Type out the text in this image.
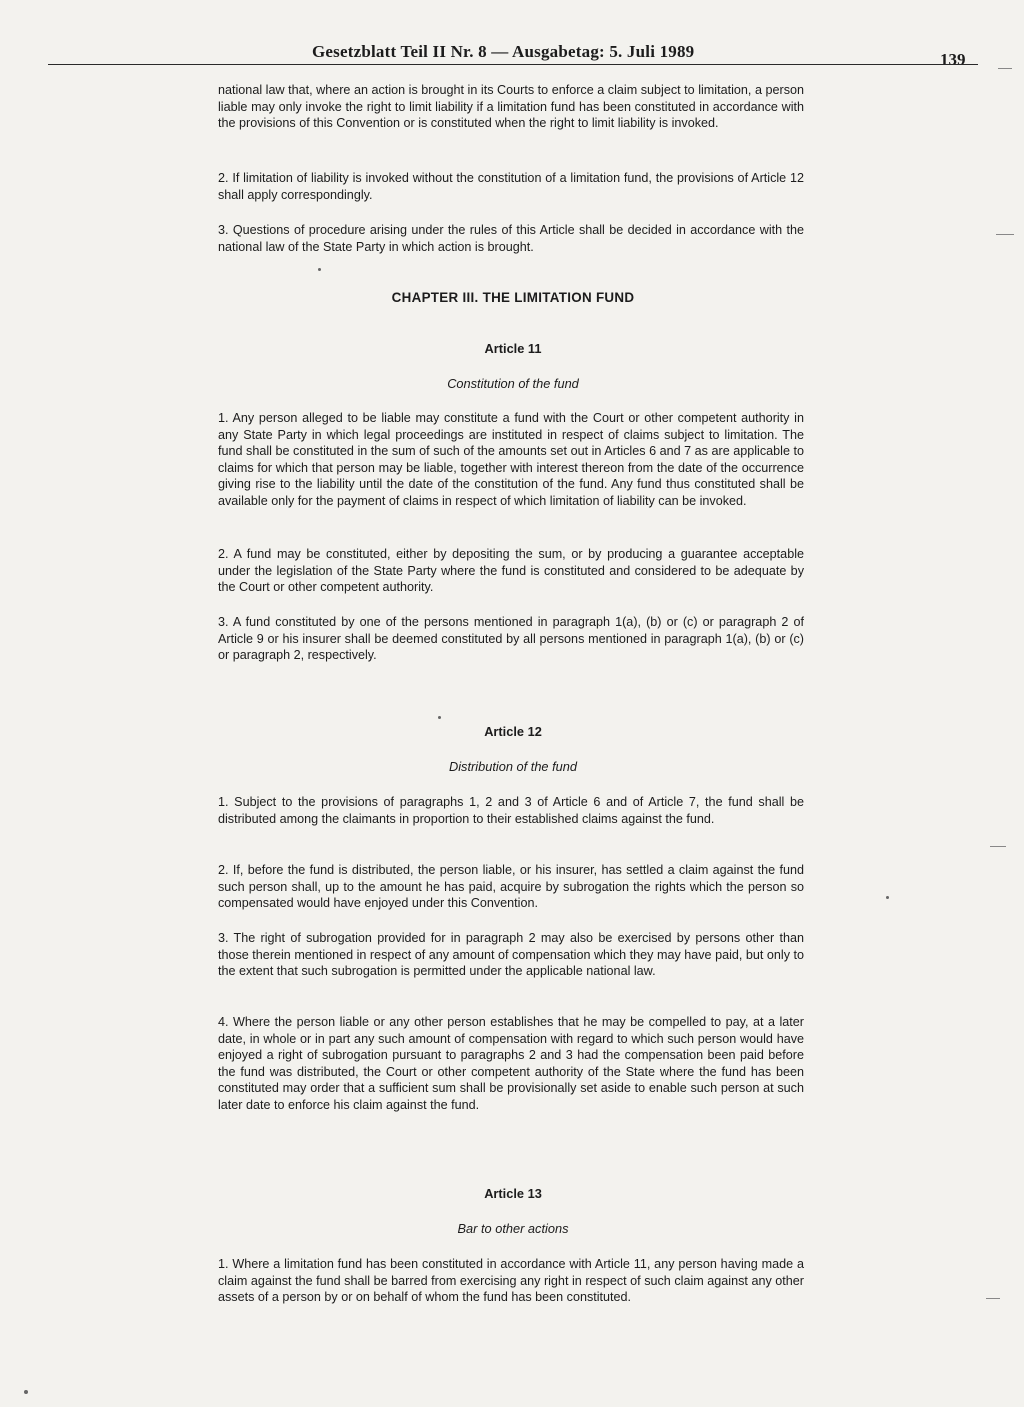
Gesetzblatt Teil II Nr. 8 — Ausgabetag: 5. Juli 1989	139

national law that, where an action is brought in its Courts to enforce a claim subject to limitation, a person liable may only invoke the right to limit liability if a limitation fund has been constituted in accordance with the provisions of this Convention or is constituted when the right to limit liability is invoked.

2. If limitation of liability is invoked without the constitution of a limitation fund, the provisions of Article 12 shall apply correspondingly.

3. Questions of procedure arising under the rules of this Article shall be decided in accordance with the national law of the State Party in which action is brought.

CHAPTER III. THE LIMITATION FUND
Article 11
Constitution of the fund

1. Any person alleged to be liable may constitute a fund with the Court or other competent authority in any State Party in which legal proceedings are instituted in respect of claims subject to limitation. The fund shall be constituted in the sum of such of the amounts set out in Articles 6 and 7 as are applicable to claims for which that person may be liable, together with interest thereon from the date of the occurrence giving rise to the liability until the date of the constitution of the fund. Any fund thus constituted shall be available only for the payment of claims in respect of which limitation of liability can be invoked.

2. A fund may be constituted, either by depositing the sum, or by producing a guarantee acceptable under the legislation of the State Party where the fund is constituted and considered to be adequate by the Court or other competent authority.

3. A fund constituted by one of the persons mentioned in paragraph 1(a), (b) or (c) or paragraph 2 of Article 9 or his insurer shall be deemed constituted by all persons mentioned in paragraph 1(a), (b) or (c) or paragraph 2, respectively.

Article 12
Distribution of the fund

1. Subject to the provisions of paragraphs 1, 2 and 3 of Article 6 and of Article 7, the fund shall be distributed among the claimants in proportion to their established claims against the fund.

2. If, before the fund is distributed, the person liable, or his insurer, has settled a claim against the fund such person shall, up to the amount he has paid, acquire by subrogation the rights which the person so compensated would have enjoyed under this Convention.

3. The right of subrogation provided for in paragraph 2 may also be exercised by persons other than those therein mentioned in respect of any amount of compensation which they may have paid, but only to the extent that such subrogation is permitted under the applicable national law.

4. Where the person liable or any other person establishes that he may be compelled to pay, at a later date, in whole or in part any such amount of compensation with regard to which such person would have enjoyed a right of subrogation pursuant to paragraphs 2 and 3 had the compensation been paid before the fund was distributed, the Court or other competent authority of the State where the fund has been constituted may order that a sufficient sum shall be provisionally set aside to enable such person at such later date to enforce his claim against the fund.

Article 13
Bar to other actions

1. Where a limitation fund has been constituted in accordance with Article 11, any person having made a claim against the fund shall be barred from exercising any right in respect of such claim against any other assets of a person by or on behalf of whom the fund has been constituted.
